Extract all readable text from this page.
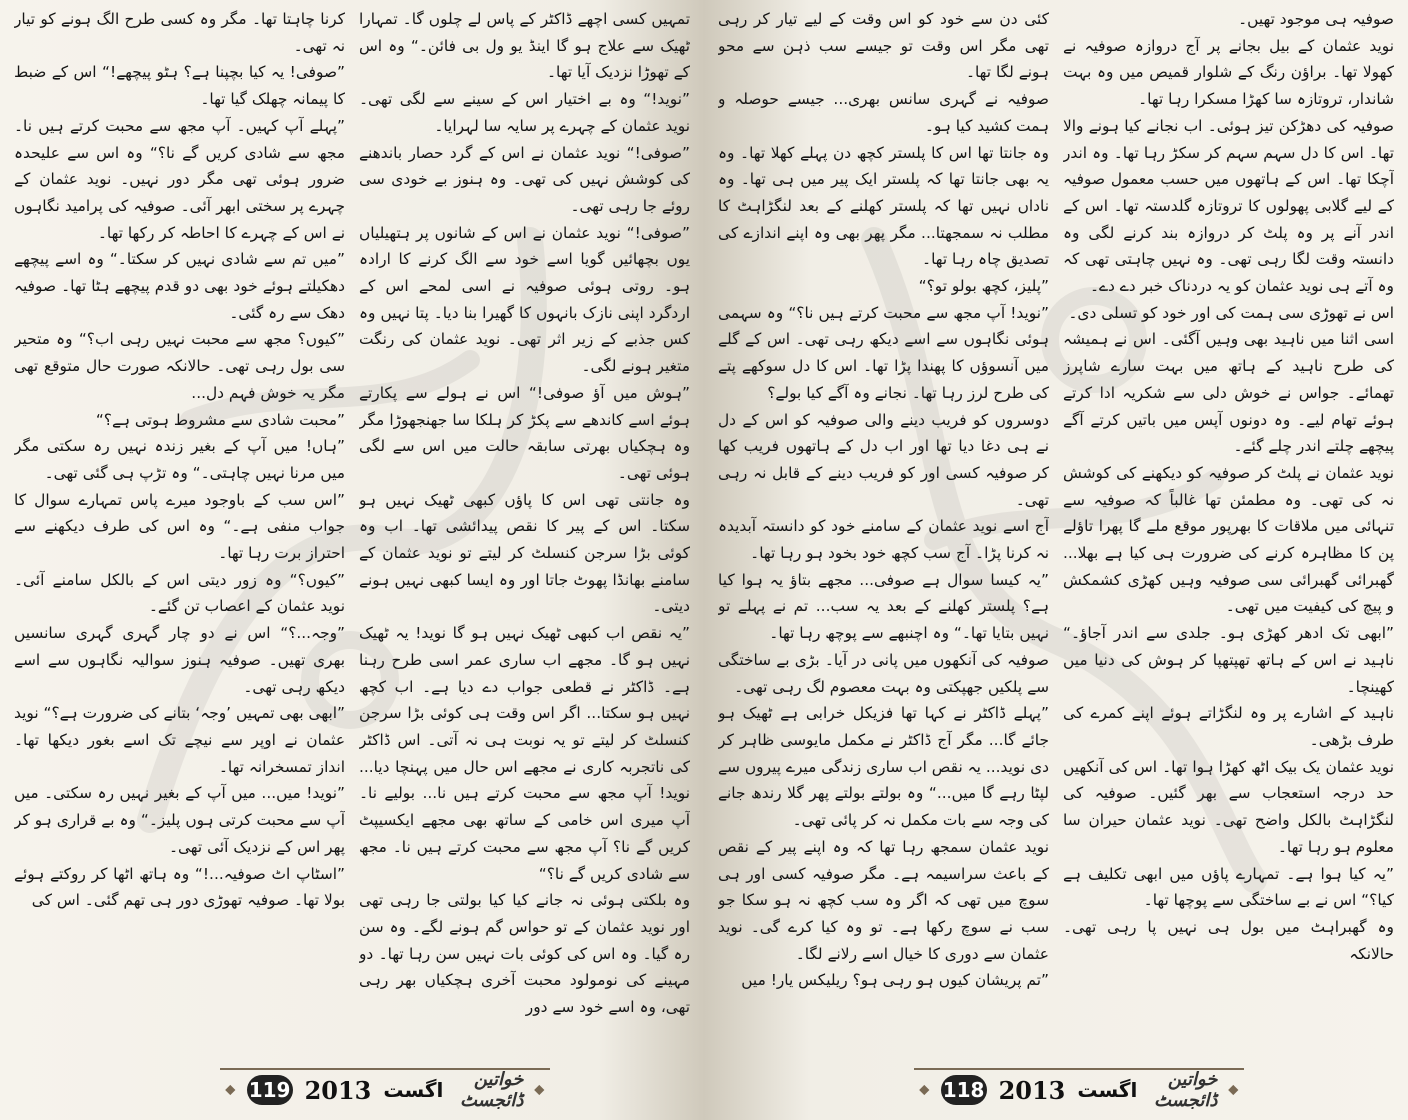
تمہیں کسی اچھے ڈاکٹر کے پاس لے چلوں گا۔ تمہارا ٹھیک سے علاج ہو گا اینڈ یو ول بی فائن۔“ وہ اس کے تھوڑا نزدیک آیا تھا۔

”نوید!“ وہ بے اختیار اس کے سینے سے لگی تھی۔ نوید عثمان کے چہرے پر سایہ سا لہرایا۔

”صوفی!“ نوید عثمان نے اس کے گرد حصار باندھنے کی کوشش نہیں کی تھی۔ وہ ہنوز بے خودی سی روئے جا رہی تھی۔

”صوفی!“ نوید عثمان نے اس کے شانوں پر ہتھیلیاں یوں بچھائیں گویا اسے خود سے الگ کرنے کا ارادہ ہو۔ روتی ہوئی صوفیہ نے اسی لمحے اس کے اردگرد اپنی نازک بانہوں کا گھیرا بنا دیا۔ پتا نہیں وہ کس جذبے کے زیر اثر تھی۔ نوید عثمان کی رنگت متغیر ہونے لگی۔

”ہوش میں آؤ صوفی!“ اس نے ہولے سے پکارتے ہوئے اسے کاندھے سے پکڑ کر ہلکا سا جھنجھوڑا مگر وہ ہچکیاں بھرتی سابقہ حالت میں اس سے لگی ہوئی تھی۔

وہ جانتی تھی اس کا پاؤں کبھی ٹھیک نہیں ہو سکتا۔ اس کے پیر کا نقص پیدائشی تھا۔ اب وہ کوئی بڑا سرجن کنسلٹ کر لیتے تو نوید عثمان کے سامنے بھانڈا پھوٹ جاتا اور وہ ایسا کبھی نہیں ہونے دیتی۔

”یہ نقص اب کبھی ٹھیک نہیں ہو گا نوید! یہ ٹھیک نہیں ہو گا۔ مجھے اب ساری عمر اسی طرح رہنا ہے۔ ڈاکٹر نے قطعی جواب دے دیا ہے۔ اب کچھ نہیں ہو سکتا... اگر اس وقت ہی کوئی بڑا سرجن کنسلٹ کر لیتے تو یہ نوبت ہی نہ آتی۔ اس ڈاکٹر کی ناتجربہ کاری نے مجھے اس حال میں پہنچا دیا... نوید! آپ مجھ سے محبت کرتے ہیں نا... بولیے نا۔ آپ میری اس خامی کے ساتھ بھی مجھے ایکسیپٹ کریں گے نا؟ آپ مجھ سے محبت کرتے ہیں نا۔ مجھ سے شادی کریں گے نا؟“

وہ بلکتی ہوئی نہ جانے کیا کیا بولتی جا رہی تھی اور نوید عثمان کے تو حواس گم ہونے لگے۔ وہ سن رہ گیا۔ وہ اس کی کوئی بات نہیں سن رہا تھا۔ دو مہینے کی نومولود محبت آخری ہچکیاں بھر رہی تھی، وہ اسے خود سے دور

کرنا چاہتا تھا۔ مگر وہ کسی طرح الگ ہونے کو تیار نہ تھی۔

”صوفی! یہ کیا بچپنا ہے؟ ہٹو پیچھے!“ اس کے ضبط کا پیمانہ چھلک گیا تھا۔

”پہلے آپ کہیں۔ آپ مجھ سے محبت کرتے ہیں نا۔ مجھ سے شادی کریں گے نا؟“ وہ اس سے علیحدہ ضرور ہوئی تھی مگر دور نہیں۔ نوید عثمان کے چہرے پر سختی ابھر آئی۔ صوفیہ کی پرامید نگاہوں نے اس کے چہرے کا احاطہ کر رکھا تھا۔

”میں تم سے شادی نہیں کر سکتا۔“ وہ اسے پیچھے دھکیلتے ہوئے خود بھی دو قدم پیچھے ہٹا تھا۔ صوفیہ دھک سے رہ گئی۔

”کیوں؟ مجھ سے محبت نہیں رہی اب؟“ وہ متحیر سی بول رہی تھی۔ حالانکہ صورت حال متوقع تھی مگر یہ خوش فہم دل...

”محبت شادی سے مشروط ہوتی ہے؟“

”ہاں! میں آپ کے بغیر زندہ نہیں رہ سکتی مگر میں مرنا نہیں چاہتی۔“ وہ تڑپ ہی گئی تھی۔

”اس سب کے باوجود میرے پاس تمہارے سوال کا جواب منفی ہے۔“ وہ اس کی طرف دیکھنے سے احتراز برت رہا تھا۔

”کیوں؟“ وہ زور دیتی اس کے بالکل سامنے آئی۔ نوید عثمان کے اعصاب تن گئے۔

”وجہ...؟“ اس نے دو چار گہری گہری سانسیں بھری تھیں۔ صوفیہ ہنوز سوالیہ نگاہوں سے اسے دیکھ رہی تھی۔

”ابھی بھی تمہیں ’وجہ‘ بتانے کی ضرورت ہے؟“ نوید عثمان نے اوپر سے نیچے تک اسے بغور دیکھا تھا۔ انداز تمسخرانہ تھا۔

”نوید! میں... میں آپ کے بغیر نہیں رہ سکتی۔ میں آپ سے محبت کرتی ہوں پلیز۔“ وہ بے قراری ہو کر پھر اس کے نزدیک آئی تھی۔

”اسٹاپ اٹ صوفیہ...!“ وہ ہاتھ اٹھا کر روکتے ہوئے بولا تھا۔ صوفیہ تھوڑی دور ہی تھم گئی۔ اس کی

خواتین ڈائجسٹ
اگست
2013
119

صوفیہ ہی موجود تھیں۔

نوید عثمان کے بیل بجانے پر آج دروازہ صوفیہ نے کھولا تھا۔ براؤن رنگ کے شلوار قمیص میں وہ بہت شاندار، تروتازہ سا کھڑا مسکرا رہا تھا۔

صوفیہ کی دھڑکن تیز ہوئی۔ اب نجانے کیا ہونے والا تھا۔ اس کا دل سہم سہم کر سکڑ رہا تھا۔ وہ اندر آچکا تھا۔ اس کے ہاتھوں میں حسب معمول صوفیہ کے لیے گلابی پھولوں کا تروتازہ گلدستہ تھا۔ اس کے اندر آنے پر وہ پلٹ کر دروازہ بند کرنے لگی وہ دانستہ وقت لگا رہی تھی۔ وہ نہیں چاہتی تھی کہ وہ آتے ہی نوید عثمان کو یہ دردناک خبر دے دے۔

اس نے تھوڑی سی ہمت کی اور خود کو تسلی دی۔

اسی اثنا میں ناہید بھی وہیں آگئی۔ اس نے ہمیشہ کی طرح ناہید کے ہاتھ میں بہت سارے شاپرز تھمائے۔ جواس نے خوش دلی سے شکریہ ادا کرتے ہوئے تھام لیے۔ وہ دونوں آپس میں باتیں کرتے آگے پیچھے چلتے اندر چلے گئے۔

نوید عثمان نے پلٹ کر صوفیہ کو دیکھنے کی کوشش نہ کی تھی۔ وہ مطمئن تھا غالباً کہ صوفیہ سے تنہائی میں ملاقات کا بھرپور موقع ملے گا پھرا تاؤلے پن کا مظاہرہ کرنے کی ضرورت ہی کیا ہے بھلا... گھبرائی گھبرائی سی صوفیہ وہیں کھڑی کشمکش و پیچ کی کیفیت میں تھی۔

”ابھی تک ادھر کھڑی ہو۔ جلدی سے اندر آجاؤ۔“ ناہید نے اس کے ہاتھ تھپتھپا کر ہوش کی دنیا میں کھینچا۔

ناہید کے اشارے پر وہ لنگڑاتے ہوئے اپنے کمرے کی طرف بڑھی۔

نوید عثمان یک بیک اٹھ کھڑا ہوا تھا۔ اس کی آنکھیں حد درجہ استعجاب سے بھر گئیں۔ صوفیہ کی لنگڑاہٹ بالکل واضح تھی۔ نوید عثمان حیران سا معلوم ہو رہا تھا۔

”یہ کیا ہوا ہے۔ تمہارے پاؤں میں ابھی تکلیف ہے کیا؟“ اس نے بے ساختگی سے پوچھا تھا۔

وہ گھبراہٹ میں بول ہی نہیں پا رہی تھی۔ حالانکہ

کئی دن سے خود کو اس وقت کے لیے تیار کر رہی تھی مگر اس وقت تو جیسے سب ذہن سے محو ہونے لگا تھا۔

صوفیہ نے گہری سانس بھری... جیسے حوصلہ و ہمت کشید کیا ہو۔

وہ جانتا تھا اس کا پلستر کچھ دن پہلے کھلا تھا۔ وہ یہ بھی جانتا تھا کہ پلستر ایک پیر میں ہی تھا۔ وہ ناداں نہیں تھا کہ پلستر کھلنے کے بعد لنگڑاہٹ کا مطلب نہ سمجھتا... مگر پھر بھی وہ اپنے اندازے کی تصدیق چاہ رہا تھا۔

”پلیز، کچھ بولو تو؟“

”نوید! آپ مجھ سے محبت کرتے ہیں نا؟“ وہ سہمی ہوئی نگاہوں سے اسے دیکھ رہی تھی۔ اس کے گلے میں آنسوؤں کا پھندا پڑا تھا۔ اس کا دل سوکھے پتے کی طرح لرز رہا تھا۔ نجانے وہ آگے کیا بولے؟

دوسروں کو فریب دینے والی صوفیہ کو اس کے دل نے ہی دغا دیا تھا اور اب دل کے ہاتھوں فریب کھا کر صوفیہ کسی اور کو فریب دینے کے قابل نہ رہی تھی۔

آج اسے نوید عثمان کے سامنے خود کو دانستہ آبدیدہ نہ کرنا پڑا۔ آج سب کچھ خود بخود ہو رہا تھا۔

”یہ کیسا سوال ہے صوفی... مجھے بتاؤ یہ ہوا کیا ہے؟ پلستر کھلنے کے بعد یہ سب... تم نے پہلے تو نہیں بتایا تھا۔“ وہ اچنبھے سے پوچھ رہا تھا۔

صوفیہ کی آنکھوں میں پانی در آیا۔ بڑی بے ساختگی سے پلکیں جھپکتی وہ بہت معصوم لگ رہی تھی۔

”پہلے ڈاکٹر نے کہا تھا فزیکل خرابی ہے ٹھیک ہو جائے گا... مگر آج ڈاکٹر نے مکمل مایوسی ظاہر کر دی نوید... یہ نقص اب ساری زندگی میرے پیروں سے لپٹا رہے گا میں...“ وہ بولتے بولتے پھر گلا رندھ جانے کی وجہ سے بات مکمل نہ کر پائی تھی۔

نوید عثمان سمجھ رہا تھا کہ وہ اپنے پیر کے نقص کے باعث سراسیمہ ہے۔ مگر صوفیہ کسی اور ہی سوچ میں تھی کہ اگر وہ سب کچھ نہ ہو سکا جو سب نے سوچ رکھا ہے۔ تو وہ کیا کرے گی۔ نوید عثمان سے دوری کا خیال اسے رلانے لگا۔

”تم پریشان کیوں ہو رہی ہو؟ ریلیکس یار! میں

خواتین ڈائجسٹ
اگست
2013
118
